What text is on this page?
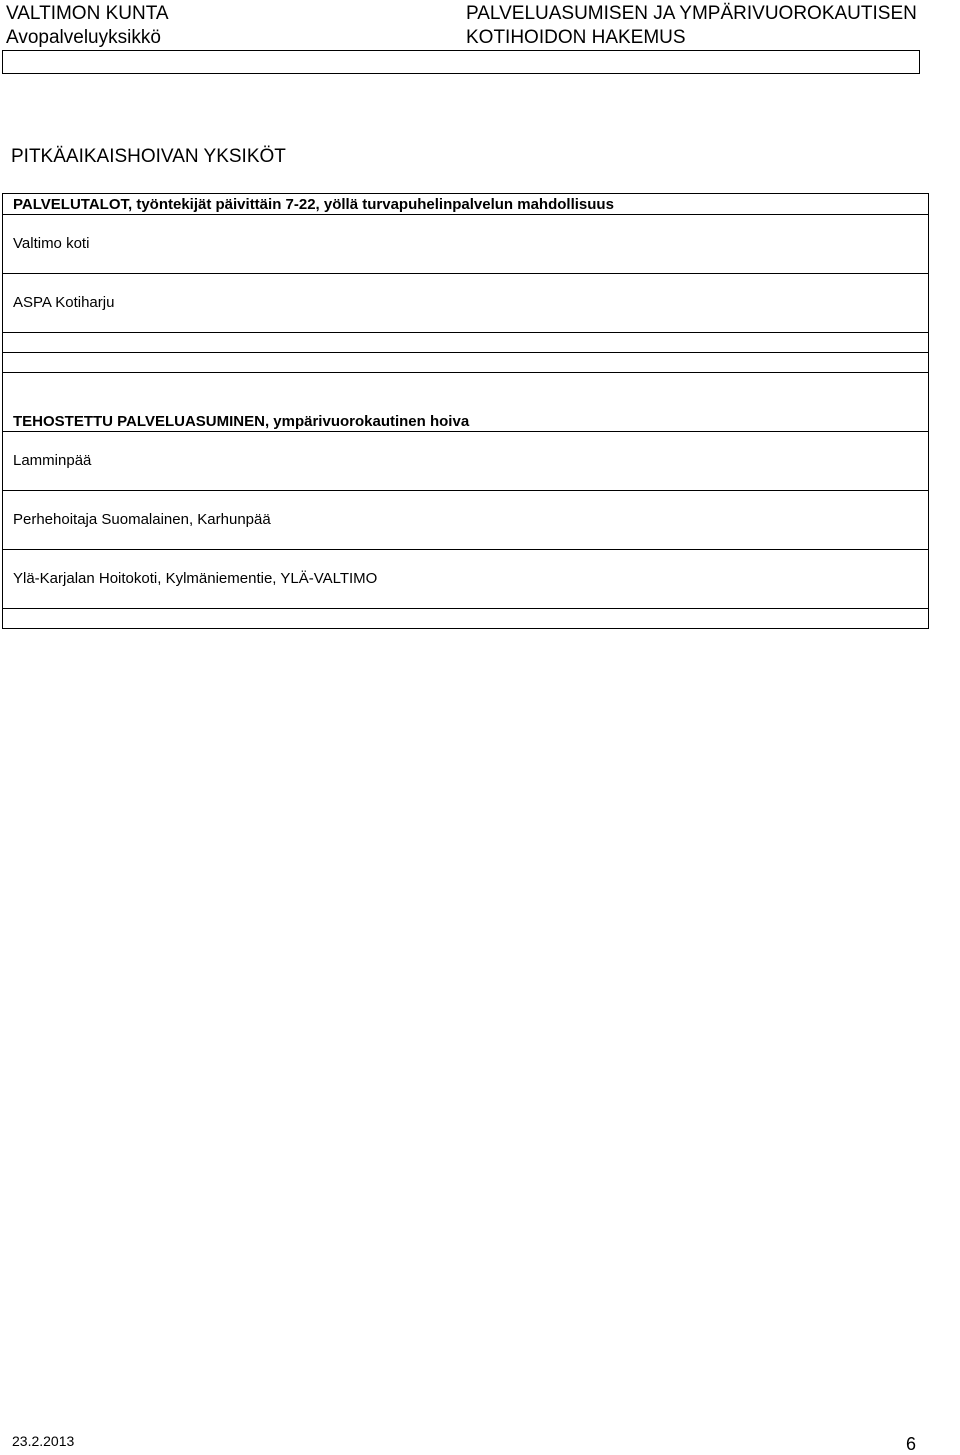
VALTIMON KUNTA
Avopalveluyksikkö
PALVELUASUMISEN JA YMPÄRIVUOROKAUTISEN
KOTIHOIDON HAKEMUS
PITKÄAIKAISHOIVAN YKSIKÖT
PALVELUTALOT, työntekijät päivittäin 7-22, yöllä turvapuhelinpalvelun mahdollisuus
Valtimo koti
ASPA Kotiharju
TEHOSTETTU PALVELUASUMINEN, ympärivuorokautinen hoiva
Lamminpää
Perhehoitaja Suomalainen, Karhunpää
Ylä-Karjalan Hoitokoti, Kylmäniementie, YLÄ-VALTIMO
23.2.2013	6
